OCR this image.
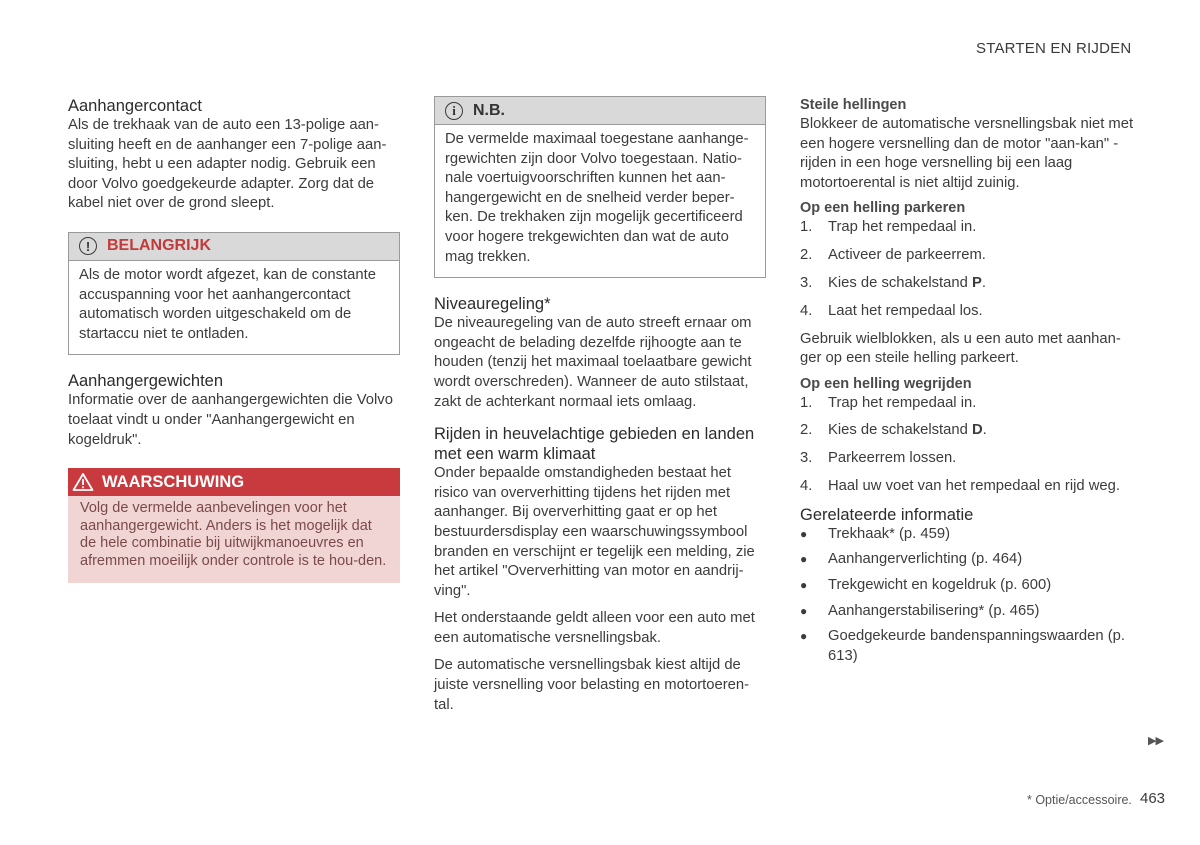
STARTEN EN RIJDEN
Aanhangercontact

Als de trekhaak van de auto een 13-polige aan-sluiting heeft en de aanhanger een 7-polige aan-sluiting, hebt u een adapter nodig. Gebruik een door Volvo goedgekeurde adapter. Zorg dat de kabel niet over de grond sleept.

!	BELANGRIJK
Als de motor wordt afgezet, kan de constante accuspanning voor het aanhangercontact automatisch worden uitgeschakeld om de startaccu niet te ontladen.
Aanhangergewichten

Informatie over de aanhangergewichten die Volvo toelaat vindt u onder "Aanhangergewicht en kogeldruk".

WAARSCHUWING
Volg de vermelde aanbevelingen voor het aanhangergewicht. Anders is het mogelijk dat de hele combinatie bij uitwijkmanoeuvres en afremmen moeilijk onder controle is te hou-den.
i	N.B.
De vermelde maximaal toegestane aanhange-rgewichten zijn door Volvo toegestaan. Natio-nale voertuigvoorschriften kunnen het aan-hangergewicht en de snelheid verder beper-ken. De trekhaken zijn mogelijk gecertificeerd voor hogere trekgewichten dan wat de auto mag trekken.
Niveauregeling*

De niveauregeling van de auto streeft ernaar om ongeacht de belading dezelfde rijhoogte aan te houden (tenzij het maximaal toelaatbare gewicht wordt overschreden). Wanneer de auto stilstaat, zakt de achterkant normaal iets omlaag.

Rijden in heuvelachtige gebieden en landen met een warm klimaat

Onder bepaalde omstandigheden bestaat het risico van oververhitting tijdens het rijden met aanhanger. Bij oververhitting gaat er op het bestuurdersdisplay een waarschuwingssymbool branden en verschijnt er tegelijk een melding, zie het artikel "Oververhitting van motor en aandrij-ving".

Het onderstaande geldt alleen voor een auto met een automatische versnellingsbak.

De automatische versnellingsbak kiest altijd de juiste versnelling voor belasting en motortoeren-tal.

Steile hellingen

Blokkeer de automatische versnellingsbak niet met een hogere versnelling dan de motor "aan-kan" - rijden in een hoge versnelling bij een laag motortoerental is niet altijd zuinig.

Op een helling parkeren
1.	Trap het rempedaal in.
2.	Activeer de parkeerrem.
3.	Kies de schakelstand P.
4.	Laat het rempedaal los.

Gebruik wielblokken, als u een auto met aanhan-ger op een steile helling parkeert.

Op een helling wegrijden
1.	Trap het rempedaal in.
2.	Kies de schakelstand D.
3.	Parkeerrem lossen.
4.	Haal uw voet van het rempedaal en rijd weg.
Gerelateerde informatie
●	Trekhaak* (p. 459)
●	Aanhangerverlichting (p. 464)
●	Trekgewicht en kogeldruk (p. 600)
●	Aanhangerstabilisering* (p. 465)
●	Goedgekeurde bandenspanningswaarden (p. 613)
▶▶
* Optie/accessoire. 463
